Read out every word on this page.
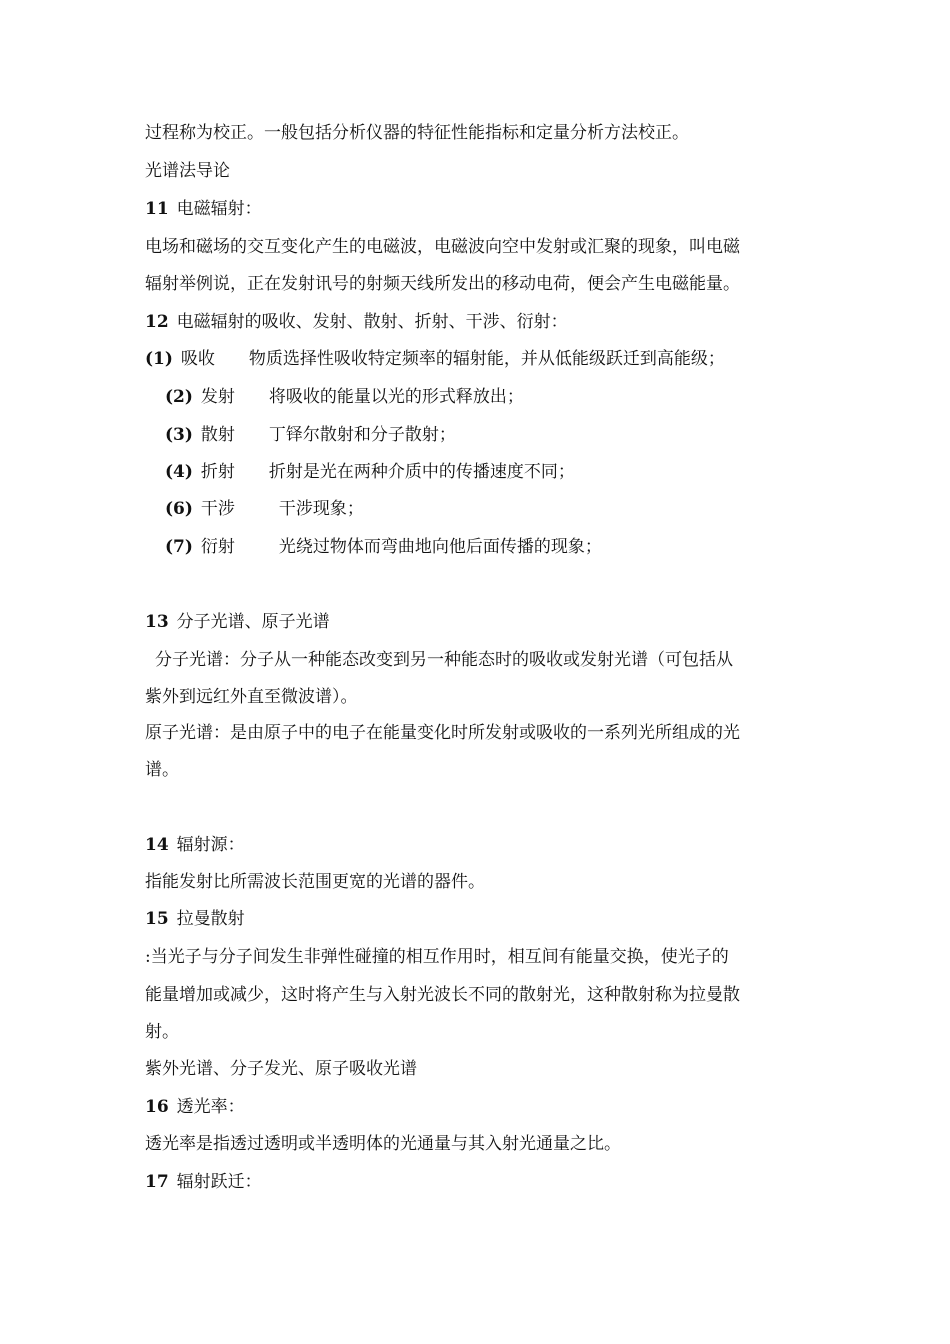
过程称为校正。一般包括分析仪器的特征性能指标和定量分析方法校正。
光谱法导论
11 电磁辐射：
电场和磁场的交互变化产生的电磁波，电磁波向空中发射或汇聚的现象，叫电磁
辐射举例说，正在发射讯号的射频天线所发出的移动电荷，便会产生电磁能量。
12 电磁辐射的吸收、发射、散射、折射、干涉、衍射：
(1) 吸收 物质选择性吸收特定频率的辐射能，并从低能级跃迁到高能级；
(2) 发射 将吸收的能量以光的形式释放出；
(3) 散射 丁铎尔散射和分子散射；
(4) 折射 折射是光在两种介质中的传播速度不同；
(6) 干涉	干涉现象；
(7) 衍射	光绕过物体而弯曲地向他后面传播的现象；
13 分子光谱、原子光谱
分子光谱：分子从一种能态改变到另一种能态时的吸收或发射光谱（可包括从
紫外到远红外直至微波谱）。
原子光谱：是由原子中的电子在能量变化时所发射或吸收的一系列光所组成的光
谱。
14 辐射源：
指能发射比所需波长范围更宽的光谱的器件。
15 拉曼散射
:当光子与分子间发生非弹性碰撞的相互作用时，相互间有能量交换，使光子的
能量增加或减少，这时将产生与入射光波长不同的散射光，这种散射称为拉曼散
射。
紫外光谱、分子发光、原子吸收光谱
16 透光率：
透光率是指透过透明或半透明体的光通量与其入射光通量之比。
17 辐射跃迁：
